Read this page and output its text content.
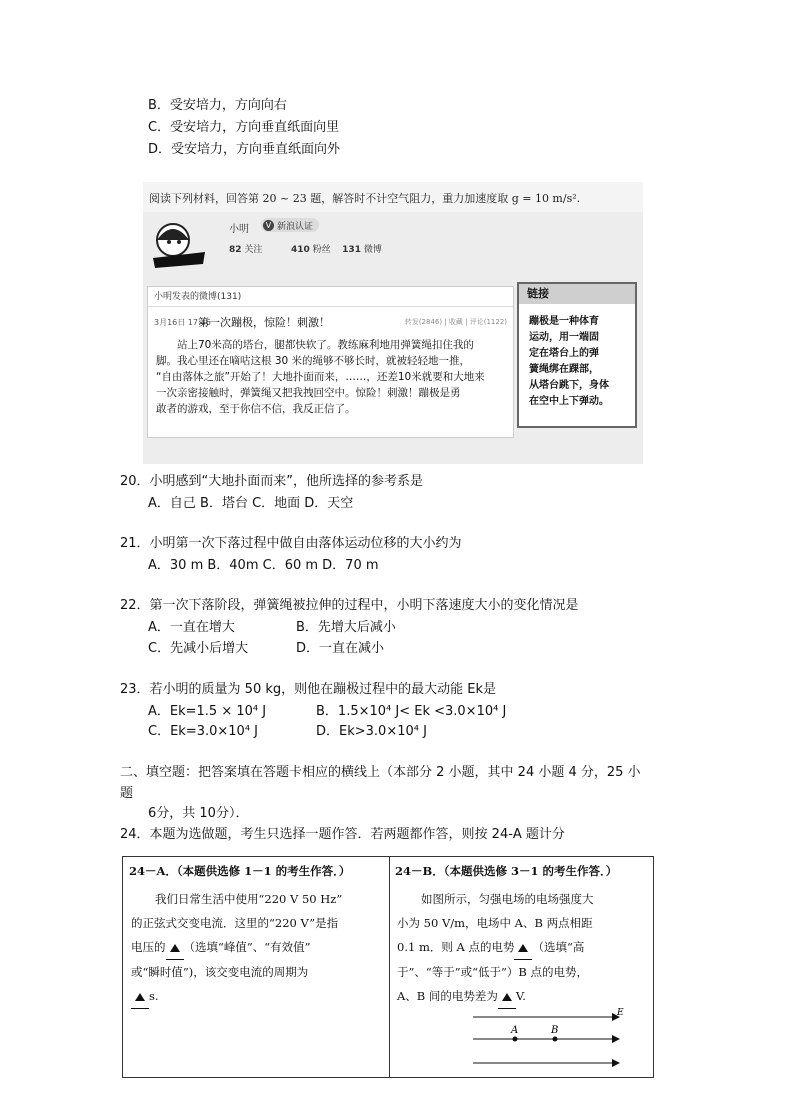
B．受安培力，方向向右
C．受安培力，方向垂直纸面向里
D．受安培力，方向垂直纸面向外
阅读下列材料，回答第 20 ~ 23 题，解答时不计空气阻力，重力加速度取 g = 10 m/s².
小明	V 新浪认证
82 关注	410 粉丝 131 微博
小明发表的微博(131)
3月16日 17:46
第一次蹦极，惊险！刺激！	转发(2846) | 收藏 | 评论(1122)

站上70米高的塔台，腿都快软了。教练麻利地用弹簧绳扣住我的

脚。我心里还在嘀咕这根 30 米的绳够不够长时，就被轻轻地一推，

“自由落体之旅”开始了！大地扑面而来，……，还差10米就要和大地来

一次亲密接触时，弹簧绳又把我拽回空中。惊险！刺激！蹦极是勇

敢者的游戏，至于你信不信，我反正信了。

链接

蹦极是一种体育

运动，用一端固

定在塔台上的弹

簧绳绑在踝部，

从塔台跳下，身体

在空中上下弹动。

20．小明感到“大地扑面而来”，他所选择的参考系是
A．自己 B．塔台 C．地面 D．天空
21．小明第一次下落过程中做自由落体运动位移的大小约为
A．30 m B．40m C．60 m D．70 m
22．第一次下落阶段，弹簧绳被拉伸的过程中，小明下落速度大小的变化情况是
A．一直在增大	B．先增大后减小
C．先减小后增大	D．一直在减小
23．若小明的质量为 50 kg，则他在蹦极过程中的最大动能 Ek是
A．Ek=1.5 × 10⁴ J	B．1.5×10⁴ J< Ek <3.0×10⁴ J
C．Ek=3.0×10⁴ J	D．Ek>3.0×10⁴ J
二、填空题：把答案填在答题卡相应的横线上（本部分 2 小题，其中 24 小题 4 分，25 小
题
6分，共 10分）．
24．本题为选做题，考生只选择一题作答．若两题都作答，则按 24-A 题计分
24－A．（本题供选修 1－1 的考生作答．）

我们日常生活中使用“220 V 50 Hz”

的正弦式交变电流．这里的“220 V”是指

电压的 （选填“峰值”、“有效值”

或“瞬时值”)，该交变电流的周期为

s.

24－B．（本题供选修 3－1 的考生作答．）

如图所示，匀强电场的电场强度大

小为 50 V/m，电场中 A、B 两点相距

0.1 m．则 A 点的电势 （选填“高

于”、“等于”或“低于”）B 点的电势，

A、B 间的电势差为 V.

A	B
E
